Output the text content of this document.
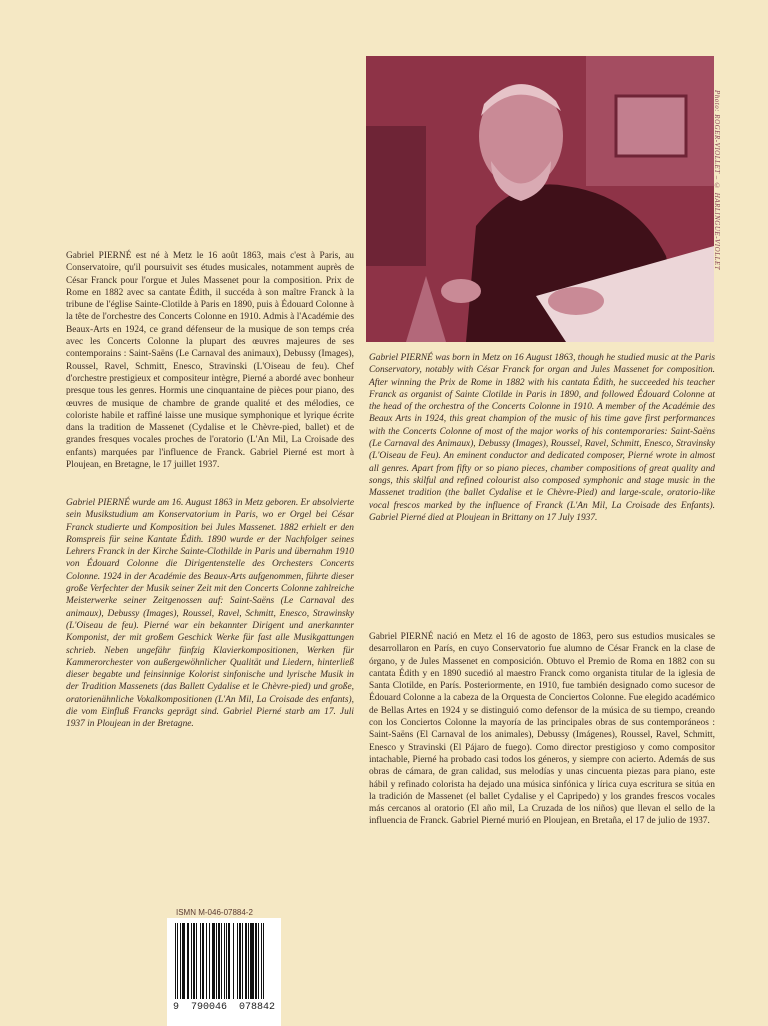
Photo: ROGER-VIOLLET – © HARLINGUE-VIOLLET

Gabriel PIERNÉ est né à Metz le 16 août 1863, mais c'est à Paris, au Conservatoire, qu'il poursuivit ses études musicales, notamment auprès de César Franck pour l'orgue et Jules Massenet pour la composition. Prix de Rome en 1882 avec sa cantate Édith, il succéda à son maître Franck à la tribune de l'église Sainte-Clotilde à Paris en 1890, puis à Édouard Colonne à la tête de l'orchestre des Concerts Colonne en 1910. Admis à l'Académie des Beaux-Arts en 1924, ce grand défenseur de la musique de son temps créa avec les Concerts Colonne la plupart des œuvres majeures de ses contemporains : Saint-Saëns (Le Carnaval des animaux), Debussy (Images), Roussel, Ravel, Schmitt, Enesco, Stravinski (L'Oiseau de feu). Chef d'orchestre prestigieux et compositeur intègre, Pierné a abordé avec bonheur presque tous les genres. Hormis une cinquantaine de pièces pour piano, des œuvres de musique de chambre de grande qualité et des mélodies, ce coloriste habile et raffiné laisse une musique symphonique et lyrique écrite dans la tradition de Massenet (Cydalise et le Chèvre-pied, ballet) et de grandes fresques vocales proches de l'oratorio (L'An Mil, La Croisade des enfants) marquées par l'influence de Franck. Gabriel Pierné est mort à Ploujean, en Bretagne, le 17 juillet 1937.

Gabriel PIERNÉ wurde am 16. August 1863 in Metz geboren. Er absolvierte sein Musikstudium am Konservatorium in Paris, wo er Orgel bei César Franck studierte und Komposition bei Jules Massenet. 1882 erhielt er den Romspreis für seine Kantate Édith. 1890 wurde er der Nachfolger seines Lehrers Franck in der Kirche Sainte-Clothilde in Paris und übernahm 1910 von Édouard Colonne die Dirigentenstelle des Orchesters Concerts Colonne. 1924 in der Académie des Beaux-Arts aufgenommen, führte dieser große Verfechter der Musik seiner Zeit mit den Concerts Colonne zahlreiche Meisterwerke seiner Zeitgenossen auf: Saint-Saëns (Le Carnaval des animaux), Debussy (Images), Roussel, Ravel, Schmitt, Enesco, Strawinsky (L'Oiseau de feu). Pierné war ein bekannter Dirigent und anerkannter Komponist, der mit großem Geschick Werke für fast alle Musikgattungen schrieb. Neben ungefähr fünfzig Klavierkompositionen, Werken für Kammerorchester von außergewöhnlicher Qualität und Liedern, hinterließ dieser begabte und feinsinnige Kolorist sinfonische und lyrische Musik in der Tradition Massenets (das Ballett Cydalise et le Chèvre-pied) und große, oratorienähnliche Vokalkompositionen (L'An Mil, La Croisade des enfants), die vom Einfluß Francks geprägt sind. Gabriel Pierné starb am 17. Juli 1937 in Ploujean in der Bretagne.

Gabriel PIERNÉ was born in Metz on 16 August 1863, though he studied music at the Paris Conservatory, notably with César Franck for organ and Jules Massenet for composition. After winning the Prix de Rome in 1882 with his cantata Édith, he succeeded his teacher Franck as organist of Sainte Clotilde in Paris in 1890, and followed Édouard Colonne at the head of the orchestra of the Concerts Colonne in 1910. A member of the Académie des Beaux Arts in 1924, this great champion of the music of his time gave first performances with the Concerts Colonne of most of the major works of his contemporaries: Saint-Saëns (Le Carnaval des Animaux), Debussy (Images), Roussel, Ravel, Schmitt, Enesco, Stravinsky (L'Oiseau de Feu). An eminent conductor and dedicated composer, Pierné wrote in almost all genres. Apart from fifty or so piano pieces, chamber compositions of great quality and songs, this skilful and refined colourist also composed symphonic and stage music in the Massenet tradition (the ballet Cydalise et le Chèvre-Pied) and large-scale, oratorio-like vocal frescos marked by the influence of Franck (L'An Mil, La Croisade des Enfants). Gabriel Pierné died at Ploujean in Brittany on 17 July 1937.

Gabriel PIERNÉ nació en Metz el 16 de agosto de 1863, pero sus estudios musicales se desarrollaron en París, en cuyo Conservatorio fue alumno de César Franck en la clase de órgano, y de Jules Massenet en composición. Obtuvo el Premio de Roma en 1882 con su cantata Édith y en 1890 sucedió al maestro Franck como organista titular de la iglesia de Santa Clotilde, en París. Posteriormente, en 1910, fue también designado como sucesor de Édouard Colonne a la cabeza de la Orquesta de Conciertos Colonne. Fue elegido académico de Bellas Artes en 1924 y se distinguió como defensor de la música de su tiempo, creando con los Conciertos Colonne la mayoría de las principales obras de sus contemporáneos : Saint-Saëns (El Carnaval de los animales), Debussy (Imágenes), Roussel, Ravel, Schmitt, Enesco y Stravinski (El Pájaro de fuego). Como director prestigioso y como compositor intachable, Pierné ha probado casi todos los géneros, y siempre con acierto. Además de sus obras de cámara, de gran calidad, sus melodías y unas cincuenta piezas para piano, este hábil y refinado colorista ha dejado una música sinfónica y lírica cuya escritura se sitúa en la tradición de Massenet (el ballet Cydalise y el Capripedo) y los grandes frescos vocales más cercanos al oratorio (El año mil, La Cruzada de los niños) que llevan el sello de la influencia de Franck. Gabriel Pierné murió en Ploujean, en Bretaña, el 17 de julio de 1937.

ISMN M-046-07884-2
9 790046 078842
